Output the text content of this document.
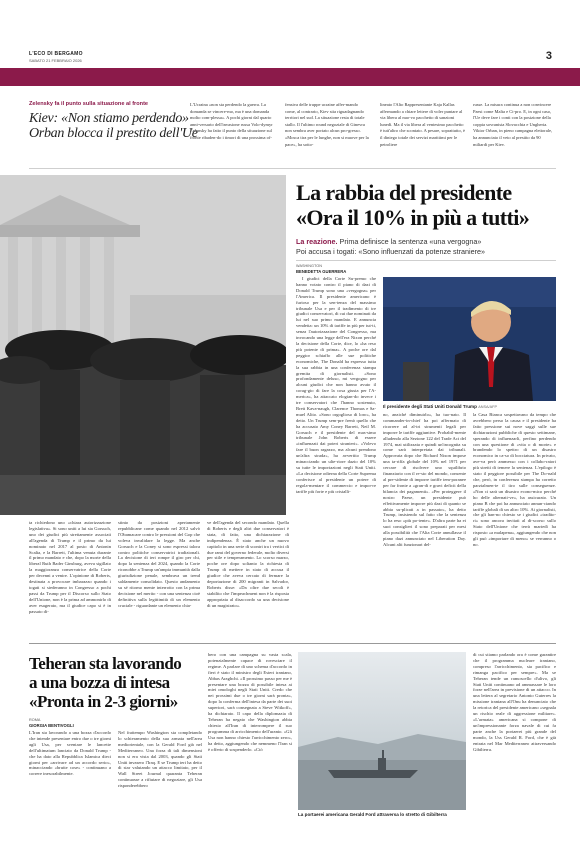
L'ECO DI BERGAMO
SABATO 21 FEBBRAIO 2026	3
Zelensky fa il punto sulla situazione al fronte
Kiev: «Non stiamo perdendo»
Orban blocca il prestito dell'Ue
L'Ucraina «non sta perdendo la guerra. La domanda se vincere-mo, ma è una domanda molto com-plessa». A pochi giorni dal quarto anni-versario dell'invasione russa Volo-dymyr Zelensky ha fatto il punto della situazione sul fronte ribaden-do i timori di una prossima of-
fensiva delle truppe ucraine affer-mando come, al contrario, Kiev stia riguadagnando territori nel sud. La situazione resta di totale stallo. Il l'ultimo round negoziale di Ginevra non sembra aver portato alcun pro-gresso. «Mosca tira per le lunghe, non si muove per la pace», ha sotto-
lineato l'Alto Rappresentante Kaja Kallas affermando a chiare lettere di voler puntare al via libera al nuo-vo pacchetto di sanzioni lunedì. Ma il via libera al ventesimo pacchetto è tutt'altro che scontato. A pesare, soprattutto, è il diniego totale dei servizi marittimi per le petroliere
russe. La misura continua a non convincere Paesi come Malta e Ci-pro. E, in ogni caso, l'Ue deve fare i conti con la posizione della coppia sovranista Slovacchia e Ungheria. Viktor Orban, in pieno campagna elettorale, ha annunciato il veto al prestito da 90 miliardi per Kiev.
La rabbia del presidente
«Ora il 10% in più a tutti»
La reazione. Prima definisce la sentenza «una vergogna»
Poi accusa i togati: «Sono influenzati da potenze straniere»
WASHINGTON
BENEDETTA GUERRERA
I giudici della Corte Su-premo che hanno votato contro il piano di dazi di Donald Trump sono una «vergogna» per l'America. Il presidente americano è furioso per la sen-tenza del massimo tribunale Usa e per il tradimento di tre giudici conservatori, di cui due nominati da lui nel suo primo mandato. E annuncia vendetta: un 10% di tariffe in più per tut-ti, senza l'autorizzazione del Congresso, ma invocando una legge dell'era Nixon perché la decisione della Corte, dice, lo «ha reso più potente di prima». A poche ore dal peggior schiaffo alle sue politiche economiche, The Donald ha espresso tutta la sua rabbia in una conferenza stampa gremita di giornalisti. «Sono profondamente deluso, mi vergogno per alcuni giudici che non hanno avuto il corag-gio di fare la cosa giusta per l'A-merica», ha attaccato elogian-do invece i tre conservatori che l'hanno sostenuto, Brett Kava-naugh, Clarence Thomas e Sa-muel Alito. «Sono orgoglioso di loro», ha detto. Un Trump sem-pre frenò quello che ha accusato Amy Coney Barrett, Neil M. Gorsuch e il presidente del mas-simo tribunale John Roberts di essere «influenzati dai poteri stranieri». «Volevo fare il buon ragazzo, ma alcuni prendono un'altra strada», ha avvertito Trump minacciando un ulte-riore dazio del 10% su tutte le importazioni negli Stati Uniti. «La decisione odierna della Corte Suprema conferisce al presidente un potere di regola-mentare il commercio e impor-re tariffe più forte e più cristalli-
Il presidente degli Stati Uniti Donald Trump ANSA/AFP
no, anziché diminuirlo», ha tuo-nato. Il commander-in-chief ha poi affermato di ricorrere ad al-tri strumenti legali per imporre le tariffe aggiuntive. Probabil-mente alludendo alla Sezione 122 del Trade Act del 1974, mai utilizzata e quindi un'incognita su come sarà interpretata dai tribunali. Approvata dopo che Richard Nixon impose una ta-riffa globale del 10% nel 1971 per cercare di risolvere uno squilibrio finanziario con il re-sto del mondo, consente al pre-sidente di imporre tariffe tem-poranee per far fronte a «gran-di e gravi deficit della bilancia dei pagamenti». «Per proteggere il nostro Paese, un presidente può effettivamente imporre più dazi di quanto se abbia su-plicati a in passato», ha detto Trump, insistendo sul fatto che la sentenza lo ha reso «più po-tente». D'altra parte ha ei suoi consiglieri il sono preparati per mesi alla possibilità che l'Alta Corte annullasse il piano dazi annunciato nel Liberation Day. Alcuni alti funzionari del-
la Casa Bianca sospettavano da tempo che avrebbero perso la causa e il presidente ha fatto pressione sui nove saggi sulle sue dichiarazioni pubbliche di questo settimane, sperando di influenzarli, perfino perdendo con una questione di «vita o di morte» e brandendo lo spettro di un disastro economico in ca-so di bocciatura. In privato, ave-va però ammesso con i collabo-ratori più stretti di temere la sentenza. L'epilogo è stato il peggiore possibile per The Do-nald che, però, in conferenza stampa ha corretto parzialmen-te il tiro sulle conseguenze. «Non ci sarà un disastro econo-mico perché ho delle alternati-ve», ha assicurato. Un piano B che poi ha annunciato annun-ciando tariffe globali di un altro 10%. Ai giornalisti, che gli han-no chiesto se i giudici «tradito-ri» sono ancora invitati al di-scorso sullo Stato dell'Unione che terrà martedì ha risposto «a malapena», aggiungendo che non gli può «importare di meno» se verranno o no.
ta richiedono uno «chiara autorizzazione legislativa». Si sono uniti a lui sia Gorsuch, uno dei giudici più strettamente associati all'agenda di Trump e il primo da lui nominato nel 2017 al posto di Antonin Scalia, e la Barrett, l'ultima venuta durante il primo mandato e che, dopo la morte della liberal Ruth Bader Ginsburg, aveva sigillato la maggioranza conservatrice della Corte per decenni a venire. L'opinione di Roberts, destinata a provocare imbarazzo quando i togati si siederanno in Congresso a pochi passi da Trump per il Discorso sullo Stato dell'Unione, non è la prima ad ammonirlo di aver esagerato, ma il giudice capo si è in passato di-
stinto da posizioni apertamente repubblicane come quando nel 2012 salvò l'Obamacare contro le pressioni del Gop che voleva invalidare la legge. Ma anche Gorsuch e la Coney si sono espressi talora contro politiche conservatrici tradizionali. La decisione di ieri rompe il giro per chi, dopo la sentenza del 2024, quando la Corte riconobbe a Trump un'ampia immunità dalla giurisdizione penale, sembrava un trend saldamente consolidato. Questo andamento su sé ritorno mente interrotto con la prima decisione nel merito - con una sentenza cioè definitiva sulla legittimità di un elemento cruciale - riguardante un elemento chia-
ve dell'agenda del secondo mandato. Quella di Roberts e degli altri due conservatori è stata, di fatto, una dichiarazione di indipendenza. È stato anche un nuovo capitolo in una serie di scontri tra i vertici di due rami del governo federale, molto diversi per stile e temperamento. Lo scorso marzo, poche ore dopo soltanto la richiesta di Trump di mettere in stato di accusa il giudice che aveva cercato di fermare la deportazione di 200 migranti in Salvador, Roberts disse: «Da oltre due secoli è stabilito che l'impeachment non è la risposta appropriata al disaccordo su una decisione di un magistrato».
Teheran sta lavorando
a una bozza di intesa
«Pronta in 2-3 giorni»
ROMA
GIORGIA BENTIVOGLI
L'Iran sta lavorando a una bozza d'accordo che intende presentare entro due o tre giorni agli Usa, per sventare le lancette dell'ultimatum lanciato da Donald Trump - che ha dato alla Repubblica Islamica dieci giorni per «arrivare ad un accordo serio», minacciando «brutte cose» - continuano a correre inesorabilmente.
Nel frattempo Washington sta completando lo schieramento della sua armata nell'area mediorientale, con la Gerald Ford già nel Mediterraneo. Una forza di tali dimensioni non si era vista dal 2003, quando gli Stati Uniti invasero l'Iraq. E se Trump ieri ha detto di star valutando un attacco limitato, per il Wall Street Journal quaranta Teheran continuasse a rifiutare di negoziare, gli Usa risponderebbero
bero con una campagna su vasta scala, potenzialmente capace di rovesciare il regime. A parlare di uno schema d'accordo in fieri è stato il ministro degli Esteri iraniano, Abbas Araghchi. «Il prossimo passo per me è presentare una bozza di possibile intesa ai miei omologhi negli Stati Uniti. Credo che nei prossimi due o tre giorni sarà pronta», dopo la conferma dell'intesa da parte dei suoi superiori, sarà consegnata a Steve Witkoff», ha dichiarato. Il capo della diplomazia di Teheran ha negato che Washington abbia chiesto all'Iran di interrompere il suo programma di arricchimento dell'uranio. «Gli Usa non hanno chiesto l'arricchimento zero», ha detto, aggiungendo che nemmeno l'Iran si è offerto di sospenderlo. «Ciò
La portaerei americana Gerald Ford attraversa lo stretto di Gibilterra
di cui stiamo parlando ora è come garantire che il programma nucleare iraniano, compreso l'arricchimento, sia pacifico e rimanga pacifico per sempre». Ma se Teheran tende un ramoscello d'ulivo, gli Stati Uniti continuano ad ammassare le loro forze nell'area in previsione di un attacco. In una lettera al segretario Antonio Guterres la missione iraniana all'Onu ha denunciato che la retorica del presidente americano «segnala un rischio reale di aggressione militare». «L'armata» americana si compone di un'impressionante forza navale di cui fa parte anche la portaerei più grande del mondo, la Uss Gerald R. Ford, che è già entrata nel Mar Mediterraneo attraversando Gibilterra.
